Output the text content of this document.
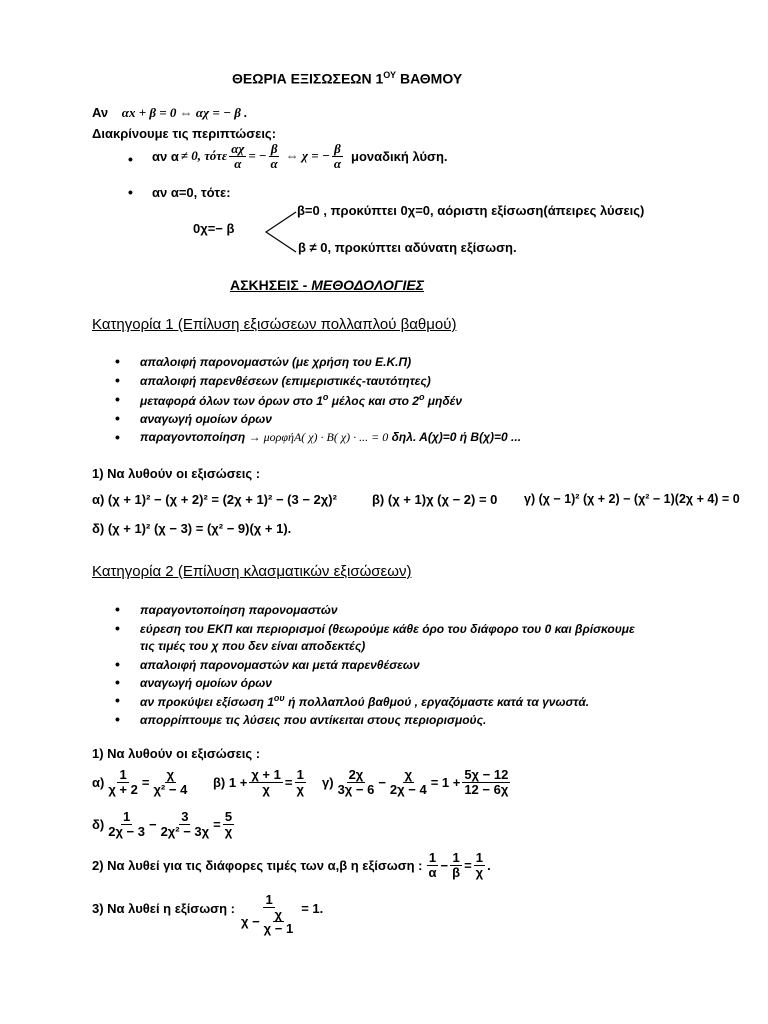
ΘΕΩΡΙΑ ΕΞΙΣΩΣΕΩΝ $1^{O\Upsilon}$ ΒΑΘΜΟΥ
Αν αx + β = 0 ⇔ αχ = − β .
Διακρίνουμε τις περιπτώσεις:
• αν α ≠ 0, τότε $\frac{\alpha\chi}{\alpha}$ = − $\frac{\beta}{\alpha}$ ⇔ χ = − $\frac{\beta}{\alpha}$ μοναδική λύση.
• αν α=0, τότε:
0χ=− β
β=0 , προκύπτει 0χ=0, αόριστη εξίσωση(άπειρες λύσεις)
β ≠ 0, προκύπτει αδύνατη εξίσωση.
ΑΣΚΗΣΕΙΣ - ΜΕΘΟΔΟΛΟΓΙΕΣ
Κατηγορία 1 (Επίλυση εξισώσεων πολλαπλού βαθμού)
• απαλοιφή παρονομαστών (με χρήση του Ε.Κ.Π)
• απαλοιφή παρενθέσεων (επιμεριστικές-ταυτότητες)
• μεταφορά όλων των όρων στο $1^o$ μέλος και στο $2^o$ μηδέν
• αναγωγή ομοίων όρων
• παραγοντοποίηση → μορφήΑ( χ) · Β( χ) · ... = 0 δηλ. Α(χ)=0 ή Β(χ)=0 ...
1) Να λυθούν οι εξισώσεις :
α) (χ + 1)² − (χ + 2)² = (2χ + 1)² − (3 − 2χ)²	β) (χ + 1)χ (χ − 2) = 0 γ) (χ − 1)² (χ + 2) − (χ² − 1)(2χ + 4) = 0
δ) (χ + 1)² (χ − 3) = (χ² − 9)(χ + 1).
Κατηγορία 2 (Επίλυση κλασματικών εξισώσεων)
• παραγοντοποίηση παρονομαστών
• εύρεση του ΕΚΠ και περιορισμοί (θεωρούμε κάθε όρο του διάφορο του 0 και βρίσκουμε
τις τιμές του χ που δεν είναι αποδεκτές)
• απαλοιφή παρονομαστών και μετά παρενθέσεων
• αναγωγή ομοίων όρων
• αν προκύψει εξίσωση $1^{o\upsilon}$ ή πολλαπλού βαθμού , εργαζόμαστε κατά τα γνωστά.
• απορρίπτουμε τις λύσεις που αντίκειται στους περιορισμούς.
1) Να λυθούν οι εξισώσεις :
$\alpha) \frac{1}{\chi + 2} = \frac{\chi}{\text{χ² − 4}} \beta$) $1 + \frac{\chi + 1}{\chi} = \frac{1}{\chi} \gamma) \frac{2\chi}{3\chi - 6} - \frac{\chi}{2\chi - 4} = 1 + \frac{5\chi - 12}{12 - 6\chi}$
$\delta) \frac{1}{2\chi - 3} - \frac{3}{\text{2χ² − 3χ}} = \frac{5}{\chi}$
2) Να λυθεί για τις διάφορες τιμές των α,β η εξίσωση : $\frac{1}{\alpha} - \frac{1}{\beta} = \frac{1}{\chi}$ .
3) Να λυθεί η εξίσωση : $\frac{1}{\chi - \frac{\chi}{\chi - 1}} = 1$.
